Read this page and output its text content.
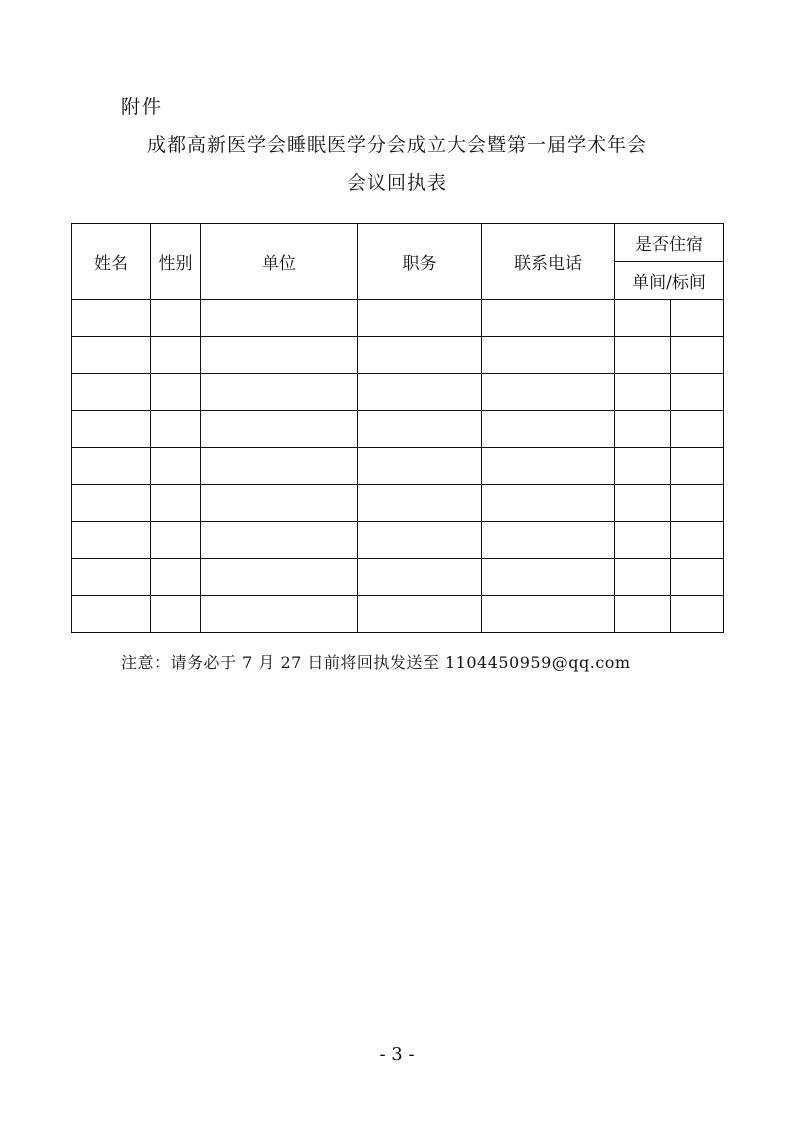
附件
成都高新医学会睡眠医学分会成立大会暨第一届学术年会
会议回执表
姓名	性别	单位	职务	联系电话	是否住宿	
					单间/标间	

注意：请务必于 7 月 27 日前将回执发送至 1104450959@qq.com
- 3 -
